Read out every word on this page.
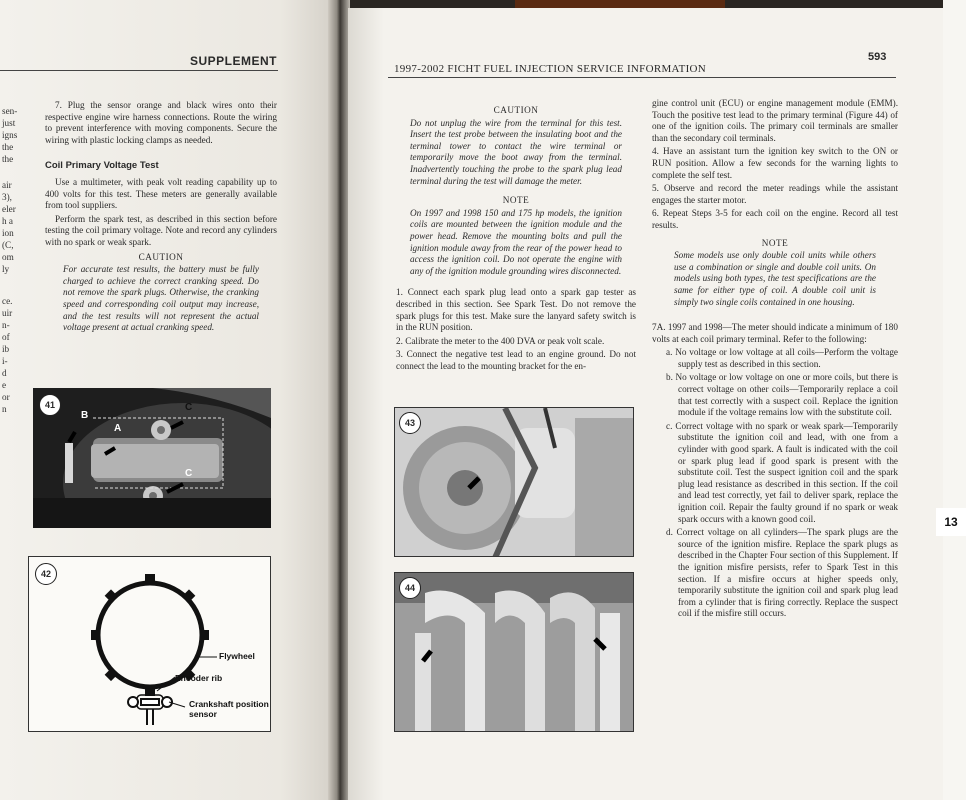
SUPPLEMENT
sen-
just
igns
the
the
air
3),
eler
h a
ion
(C,
om
ly
ce.
uir
n-
of
ib
i-
d
e
or
n

7. Plug the sensor orange and black wires onto their respective engine wire harness connections. Route the wiring to prevent interference with moving components. Secure the wiring with plastic locking clamps as needed.

Coil Primary Voltage Test

Use a multimeter, with peak volt reading capability up to 400 volts for this test. These meters are generally available from tool suppliers.

Perform the spark test, as described in this section before testing the coil primary voltage. Note and record any cylinders with no spark or weak spark.

CAUTION

For accurate test results, the battery must be fully charged to achieve the correct cranking speed. Do not remove the spark plugs. Otherwise, the cranking speed and corresponding coil output may increase, and the test results will not represent the actual voltage present at actual cranking speed.

41
A
B
C
C
42
Flywheel
Encoder rib
Crankshaft position sensor
1997-2002 FICHT FUEL INJECTION SERVICE INFORMATION
593

CAUTION

Do not unplug the wire from the terminal for this test. Insert the test probe between the insulating boot and the terminal tower to contact the wire terminal or temporarily move the boot away from the terminal. Inadvertently touching the probe to the spark plug lead terminal during the test will damage the meter.

NOTE

On 1997 and 1998 150 and 175 hp models, the ignition coils are mounted between the ignition module and the power head. Remove the mounting bolts and pull the ignition module away from the rear of the power head to access the ignition coil. Do not operate the engine with any of the ignition module grounding wires disconnected.

1. Connect each spark plug lead onto a spark gap tester as described in this section. See Spark Test. Do not remove the spark plugs for this test. Make sure the lanyard safety switch is in the RUN position.

2. Calibrate the meter to the 400 DVA or peak volt scale.

3. Connect the negative test lead to an engine ground. Do not connect the lead to the mounting bracket for the en-

43
44

gine control unit (ECU) or engine management module (EMM). Touch the positive test lead to the primary terminal (Figure 44) of one of the ignition coils. The primary coil terminals are smaller than the secondary coil terminals.

4. Have an assistant turn the ignition key switch to the ON or RUN position. Allow a few seconds for the warning lights to complete the self test.

5. Observe and record the meter readings while the assistant engages the starter motor.

6. Repeat Steps 3-5 for each coil on the engine. Record all test results.

NOTE

Some models use only double coil units while others use a combination or single and double coil units. On models using both types, the test specifications are the same for either type of coil. A double coil unit is simply two single coils contained in one housing.

7A. 1997 and 1998—The meter should indicate a minimum of 180 volts at each coil primary terminal. Refer to the following:

a. No voltage or low voltage at all coils—Perform the voltage supply test as described in this section.

b. No voltage or low voltage on one or more coils, but there is correct voltage on other coils—Temporarily replace a coil that test correctly with a suspect coil. Replace the ignition module if the voltage remains low with the substitute coil.

c. Correct voltage with no spark or weak spark—Temporarily substitute the ignition coil and lead, with one from a cylinder with good spark. A fault is indicated with the coil or spark plug lead if good spark is present with the substitute coil. Test the suspect ignition coil and the spark plug lead resistance as described in this section. If the coil and lead test correctly, yet fail to deliver spark, replace the ignition coil. Repair the faulty ground if no spark or weak spark occurs with a known good coil.

d. Correct voltage on all cylinders—The spark plugs are the source of the ignition misfire. Replace the spark plugs as described in the Chapter Four section of this Supplement. If the ignition misfire persists, refer to Spark Test in this section. If a misfire occurs at higher speeds only, temporarily substitute the ignition coil and spark plug lead from a cylinder that is firing correctly. Replace the suspect coil if the misfire still occurs.

13
